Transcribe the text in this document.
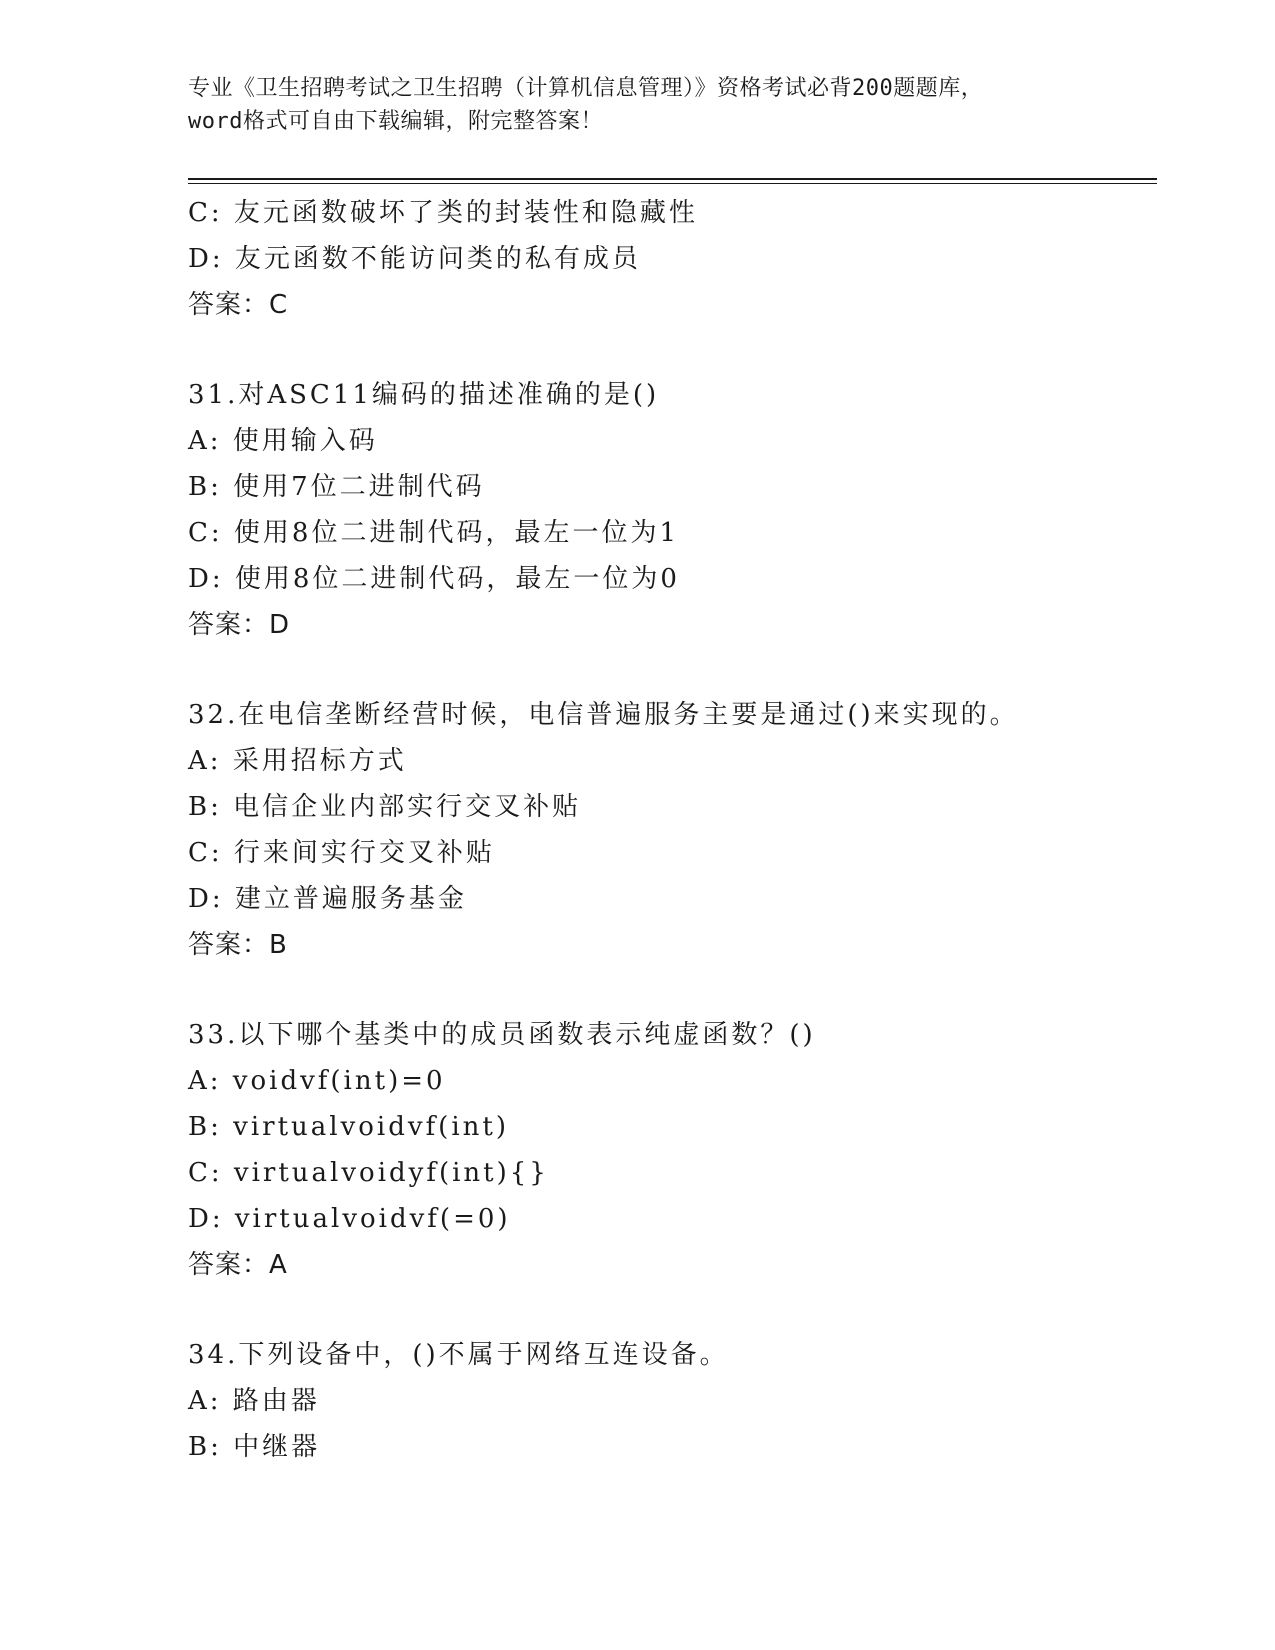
专业《卫生招聘考试之卫生招聘（计算机信息管理）》资格考试必背200题题库，
word格式可自由下载编辑，附完整答案！
C: 友元函数破坏了类的封装性和隐藏性
D: 友元函数不能访问类的私有成员
答案：C
31.对ASC11编码的描述准确的是()
A: 使用输入码
B: 使用7位二进制代码
C: 使用8位二进制代码，最左一位为1
D: 使用8位二进制代码，最左一位为0
答案：D
32.在电信垄断经营时候，电信普遍服务主要是通过()来实现的。
A: 采用招标方式
B: 电信企业内部实行交叉补贴
C: 行来间实行交叉补贴
D: 建立普遍服务基金
答案：B
33.以下哪个基类中的成员函数表示纯虚函数？()
A: voidvf(int)=0
B: virtualvoidvf(int)
C: virtualvoidyf(int){}
D: virtualvoidvf(=0)
答案：A
34.下列设备中，()不属于网络互连设备。
A: 路由器
B: 中继器
